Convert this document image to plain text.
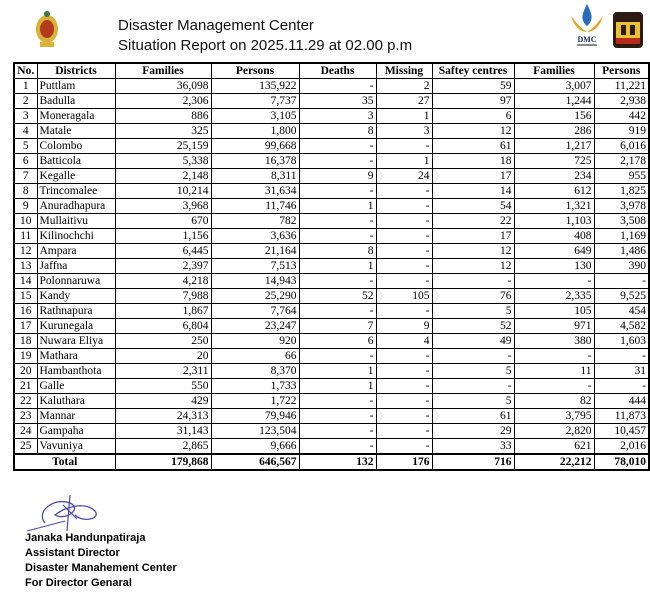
Disaster Management Center
Situation Report on 2025.11.29 at 02.00 p.m	DMC
No.	Districts	Families	Persons	Deaths	Missing	Saftey centres	Families	Persons
1	Puttlam	36,098	135,922	-	2	59	3,007	11,221
2	Badulla	2,306	7,737	35	27	97	1,244	2,938
3	Moneragala	886	3,105	3	1	6	156	442
4	Matale	325	1,800	8	3	12	286	919
5	Colombo	25,159	99,668	-	-	61	1,217	6,016
6	Batticola	5,338	16,378	-	1	18	725	2,178
7	Kegalle	2,148	8,311	9	24	17	234	955
8	Trincomalee	10,214	31,634	-	-	14	612	1,825
9	Anuradhapura	3,968	11,746	1	-	54	1,321	3,978
10	Mullaitivu	670	782	-	-	22	1,103	3,508
11	Kilinochchi	1,156	3,636	-	-	17	408	1,169
12	Ampara	6,445	21,164	8	-	12	649	1,486
13	Jaffna	2,397	7,513	1	-	12	130	390
14	Polonnaruwa	4,218	14,943	-	-	-	-	-
15	Kandy	7,988	25,290	52	105	76	2,335	9,525
16	Rathnapura	1,867	7,764	-	-	5	105	454
17	Kurunegala	6,804	23,247	7	9	52	971	4,582
18	Nuwara Eliya	250	920	6	4	49	380	1,603
19	Mathara	20	66	-	-	-	-	-
20	Hambanthota	2,311	8,370	1	-	5	11	31
21	Galle	550	1,733	1	-	-	-	-
22	Kaluthara	429	1,722	-	-	5	82	444
23	Mannar	24,313	79,946	-	-	61	3,795	11,873
24	Gampaha	31,143	123,504	-	-	29	2,820	10,457
25	Vavuniya	2,865	9,666	-	-	33	621	2,016
Total		179,868	646,567	132	176	716	22,212	78,010
Janaka Handunpatiraja
Assistant Director
Disaster Manahement Center
For Director Genaral
